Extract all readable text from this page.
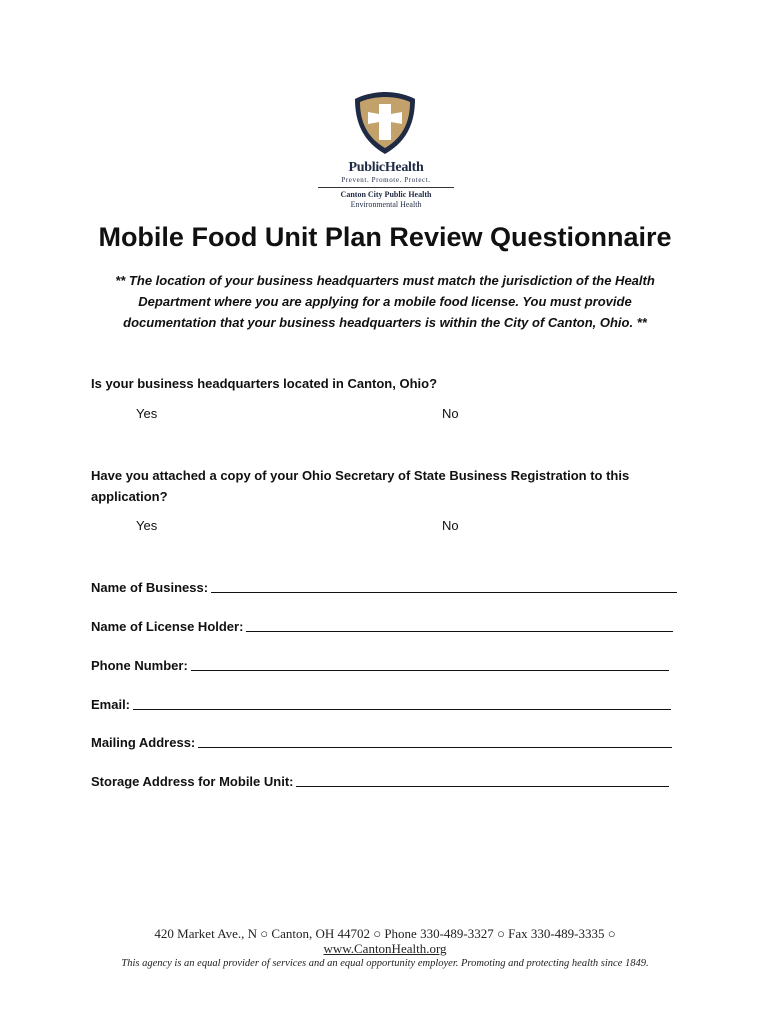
PublicHealth
Prevent. Promote. Protect.
Canton City Public Health
Environmental Health
Mobile Food Unit Plan Review Questionnaire
** The location of your business headquarters must match the jurisdiction of the Health
Department where you are applying for a mobile food license. You must provide
documentation that your business headquarters is within the City of Canton, Ohio. **
Is your business headquarters located in Canton, Ohio?
Yes	No
Have you attached a copy of your Ohio Secretary of State Business Registration to this
application?
Yes	No
Name of Business:
Name of License Holder:
Phone Number:
Email:
Mailing Address:
Storage Address for Mobile Unit:
420 Market Ave., N ○ Canton, OH 44702 ○ Phone 330-489-3327 ○ Fax 330-489-3335 ○
www.CantonHealth.org
This agency is an equal provider of services and an equal opportunity employer. Promoting and protecting health since 1849.
